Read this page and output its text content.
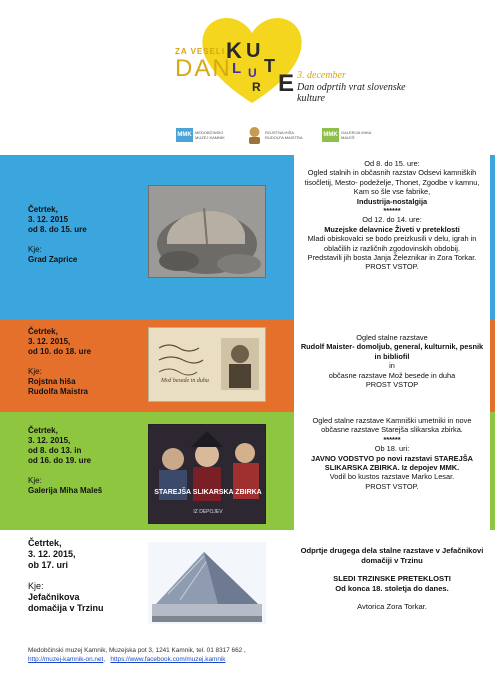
ZA VESELI
DAN
K U
L T
U
R E 3. december
Dan odprtih vrat slovenske kulture
MMK MEDOBČINSKI MUZEJ KAMNIK
ROJSTNA HIŠA RUDOLFA MAISTRA	MMK GALERIJA MIHA MALEŠ
Četrtek,
3. 12. 2015
od 8. do 15. ure
Kje:
Grad Zaprice
Od 8. do 15. ure:
Ogled stalnih in občasnih razstav Odsevi kamniških tisočletij, Mesto- podeželje, Thonet, Zgodbe v kamnu, Kam so šle vse fabrike,
Industrija-nostalgija
******
Od 12. do 14. ure:
Muzejske delavnice Živeti v preteklosti
Mladi obiskovalci se bodo preizkusili v delu, igrah in oblačilih iz različnih zgodovinskih obdobij.
Predstavili jih bosta Janja Železnikar in Zora Torkar.
PROST VSTOP.
Četrtek,
3. 12. 2015,
od 10. do 18. ure
Kje:
Rojstna hiša
Rudolfa Maistra
Mož besede in duha
Ogled stalne razstave
Rudolf Maister- domoljub, general, kulturnik, pesnik in bibliofil
in
občasne razstave Mož besede in duha
PROST VSTOP
Četrtek,
3. 12. 2015,
od 8. do 13. in
od 16. do 19. ure
Kje:
Galerija Miha Maleš	STAREJŠA SLIKARSKA ZBIRKA
IZ DEPOJEV
Ogled stalne razstave Kamniški umetniki in nove občasne razstave Starejša slikarska zbirka.
******
Ob 18. uri:
JAVNO VODSTVO po novi razstavi STAREJŠA SLIKARSKA ZBIRKA. Iz depojev MMK.
Vodil bo kustos razstave Marko Lesar.
PROST VSTOP.
Četrtek,
3. 12. 2015,
ob 17. uri
Kje:
Jefačnikova
domačija v Trzinu
Odprtje drugega dela stalne razstave v Jefačnikovi domačiji v Trzinu
SLEDI TRZINSKE PRETEKLOSTI
Od konca 18. stoletja do danes.
Avtorica Zora Torkar.
Medobčinski muzej Kamnik, Muzejska pot 3, 1241 Kamnik, tel. 01 8317 662 ,
http://muzej-kamnik-on.net,   https://www.facebook.com/muzej.kamnik
